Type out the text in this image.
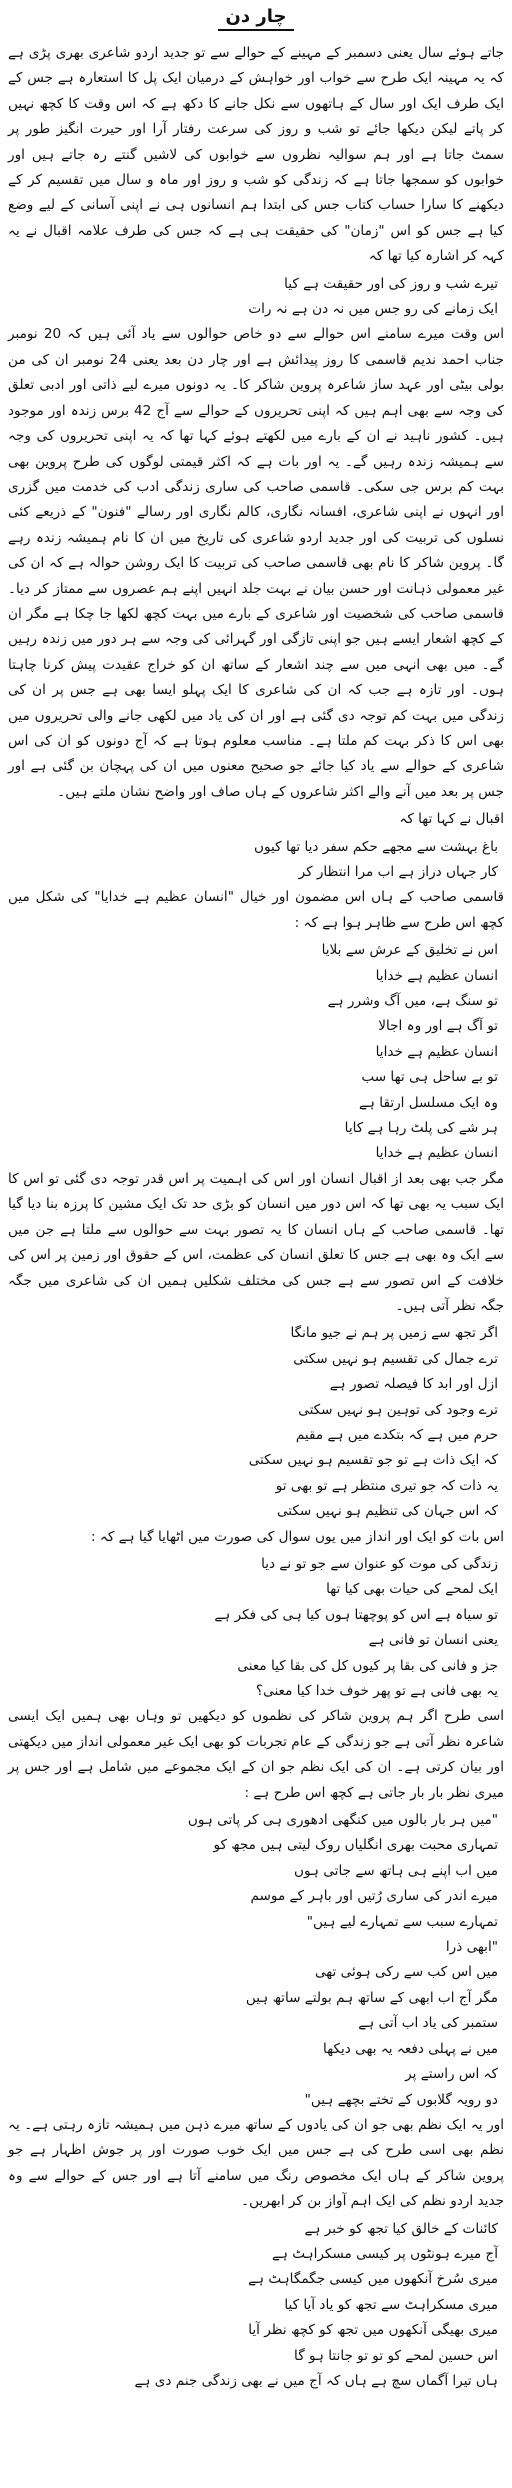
چار دن

جاتے ہوئے سال یعنی دسمبر کے مہینے کے حوالے سے تو جدید اردو شاعری بھری پڑی ہے کہ یہ مہینہ ایک طرح سے خواب اور خواہش کے درمیان ایک پل کا استعارہ ہے جس کے ایک طرف ایک اور سال کے ہاتھوں سے نکل جانے کا دکھ ہے کہ اس وقت کا کچھ نہیں کر پاتے لیکن دیکھا جائے تو شب و روز کی سرعت رفتار آرا اور حیرت انگیز طور پر سمٹ جاتا ہے اور ہم سوالیہ نظروں سے خوابوں کی لاشیں گنتے رہ جاتے ہیں اور خوابوں کو سمجھا جاتا ہے کہ زندگی کو شب و روز اور ماہ و سال میں تقسیم کر کے دیکھنے کا سارا حساب کتاب جس کی ابتدا ہم انسانوں ہی نے اپنی آسانی کے لیے وضع کیا ہے جس کو اس "زمان" کی حقیقت ہی ہے کہ جس کی طرف علامہ اقبال نے یہ کہہ کر اشارہ کیا تھا کہ

تیرے شب و روز کی اور حقیقت ہے کیا
ایک زمانے کی رو جس میں نہ دن ہے نہ رات

اس وقت میرے سامنے اس حوالے سے دو خاص حوالوں سے یاد آئی ہیں کہ 20 نومبر جناب احمد ندیم قاسمی کا روز پیدائش ہے اور چار دن بعد یعنی 24 نومبر ان کی من بولی بیٹی اور عہد ساز شاعرہ پروین شاکر کا۔ یہ دونوں میرے لیے ذاتی اور ادبی تعلق کی وجہ سے بھی اہم ہیں کہ اپنی تحریروں کے حوالے سے آج 42 برس زندہ اور موجود ہیں۔ کشور ناہید نے ان کے بارے میں لکھتے ہوئے کہا تھا کہ یہ اپنی تحریروں کی وجہ سے ہمیشہ زندہ رہیں گے۔ یہ اور بات ہے کہ اکثر قیمتی لوگوں کی طرح پروین بھی بہت کم برس جی سکی۔ قاسمی صاحب کی ساری زندگی ادب کی خدمت میں گزری اور انہوں نے اپنی شاعری، افسانہ نگاری، کالم نگاری اور رسالے "فنون" کے ذریعے کئی نسلوں کی تربیت کی اور جدید اردو شاعری کی تاریخ میں ان کا نام ہمیشہ زندہ رہے گا۔ پروین شاکر کا نام بھی قاسمی صاحب کی تربیت کا ایک روشن حوالہ ہے کہ ان کی غیر معمولی ذہانت اور حسن بیان نے بہت جلد انہیں اپنے ہم عصروں سے ممتاز کر دیا۔ قاسمی صاحب کی شخصیت اور شاعری کے بارے میں بہت کچھ لکھا جا چکا ہے مگر ان کے کچھ اشعار ایسے ہیں جو اپنی تازگی اور گہرائی کی وجہ سے ہر دور میں زندہ رہیں گے۔ میں بھی انہی میں سے چند اشعار کے ساتھ ان کو خراج عقیدت پیش کرنا چاہتا ہوں۔ اور تازہ ہے جب کہ ان کی شاعری کا ایک پہلو ایسا بھی ہے جس پر ان کی زندگی میں بہت کم توجہ دی گئی ہے اور ان کی یاد میں لکھی جانے والی تحریروں میں بھی اس کا ذکر بہت کم ملتا ہے۔ مناسب معلوم ہوتا ہے کہ آج دونوں کو ان کی اس شاعری کے حوالے سے یاد کیا جائے جو صحیح معنوں میں ان کی پہچان بن گئی ہے اور جس پر بعد میں آنے والے اکثر شاعروں کے ہاں صاف اور واضح نشان ملتے ہیں۔

اقبال نے کہا تھا کہ

باغ بہشت سے مجھے حکم سفر دیا تھا کیوں
کار جہاں دراز ہے اب مرا انتظار کر

قاسمی صاحب کے ہاں اس مضمون اور خیال "انسان عظیم ہے خدایا" کی شکل میں کچھ اس طرح سے ظاہر ہوا ہے کہ :

اس نے تخلیق کے عرش سے بلایا
انسان عظیم ہے خدایا
تو سنگ ہے، میں آگ وشرر ہے
تو آگ ہے اور وہ اجالا
انسان عظیم ہے خدایا
تو بے ساحل ہی تھا سب
وہ ایک مسلسل ارتقا ہے
ہر شے کی پلٹ رہا ہے کایا
انسان عظیم ہے خدایا

مگر جب بھی بعد از اقبال انسان اور اس کی اہمیت پر اس قدر توجہ دی گئی تو اس کا ایک سبب یہ بھی تھا کہ اس دور میں انسان کو بڑی حد تک ایک مشین کا پرزہ بنا دیا گیا تھا۔ قاسمی صاحب کے ہاں انسان کا یہ تصور بہت سے حوالوں سے ملتا ہے جن میں سے ایک وہ بھی ہے جس کا تعلق انسان کی عظمت، اس کے حقوق اور زمین پر اس کی خلافت کے اس تصور سے ہے جس کی مختلف شکلیں ہمیں ان کی شاعری میں جگہ جگہ نظر آتی ہیں۔

اگر تجھ سے زمیں پر ہم نے جیو مانگا
ترے جمال کی تقسیم ہو نہیں سکتی
ازل اور ابد کا فیصلہ تصور ہے
ترے وجود کی توہین ہو نہیں سکتی
حرم میں ہے کہ بتکدے میں ہے مقیم
کہ ایک ذات ہے تو جو تقسیم ہو نہیں سکتی
یہ ذات کہ جو تیری منتظر ہے تو بھی تو
کہ اس جہان کی تنظیم ہو نہیں سکتی

اس بات کو ایک اور انداز میں یوں سوال کی صورت میں اٹھایا گیا ہے کہ :

زندگی کی موت کو عنوان سے جو تو نے دیا
ایک لمحے کی حیات بھی کیا تھا
تو سیاہ ہے اس کو پوچھتا ہوں کیا ہی کی فکر ہے
یعنی انسان تو فانی ہے
جز و فانی کی بقا پر کیوں کل کی بقا کیا معنی
یہ بھی فانی ہے تو پھر خوف خدا کیا معنی؟

اسی طرح اگر ہم پروین شاکر کی نظموں کو دیکھیں تو وہاں بھی ہمیں ایک ایسی شاعرہ نظر آتی ہے جو زندگی کے عام تجربات کو بھی ایک غیر معمولی انداز میں دیکھتی اور بیان کرتی ہے۔ ان کی ایک نظم جو ان کے ایک مجموعے میں شامل ہے اور جس پر میری نظر بار بار جاتی ہے کچھ اس طرح ہے :

"میں ہر بار بالوں میں کنگھی ادھوری ہی کر پاتی ہوں
تمہاری محبت بھری انگلیاں روک لیتی ہیں مجھ کو
میں اب اپنے ہی ہاتھ سے جاتی ہوں
میرے اندر کی ساری رُتیں اور باہر کے موسم
تمہارے سبب سے تمہارے لیے ہیں"
"ابھی ذرا
میں اس کب سے رکی ہوئی تھی
مگر آج اب ابھی کے ساتھ ہم بولتے ساتھ ہیں
ستمبر کی یاد اب آتی ہے
میں نے پہلی دفعہ یہ بھی دیکھا
کہ اس راستے پر
دو رویہ گلابوں کے تختے بچھے ہیں"

اور یہ ایک نظم بھی جو ان کی یادوں کے ساتھ میرے ذہن میں ہمیشہ تازہ رہتی ہے۔ یہ نظم بھی اسی طرح کی ہے جس میں ایک خوب صورت اور پر جوش اظہار ہے جو پروین شاکر کے ہاں ایک مخصوص رنگ میں سامنے آتا ہے اور جس کے حوالے سے وہ جدید اردو نظم کی ایک اہم آواز بن کر ابھریں۔

کائنات کے خالق کیا تجھ کو خبر ہے
آج میرے ہونٹوں پر کیسی مسکراہٹ ہے
میری سُرخ آنکھوں میں کیسی جگمگاہٹ ہے
میری مسکراہٹ سے تجھ کو یاد آیا کیا
میری بھیگی آنکھوں میں تجھ کو کچھ نظر آیا
اس حسین لمحے کو تو تو جانتا ہو گا
ہاں تیرا آگماں سچ ہے ہاں کہ آج میں نے بھی زندگی جنم دی ہے
